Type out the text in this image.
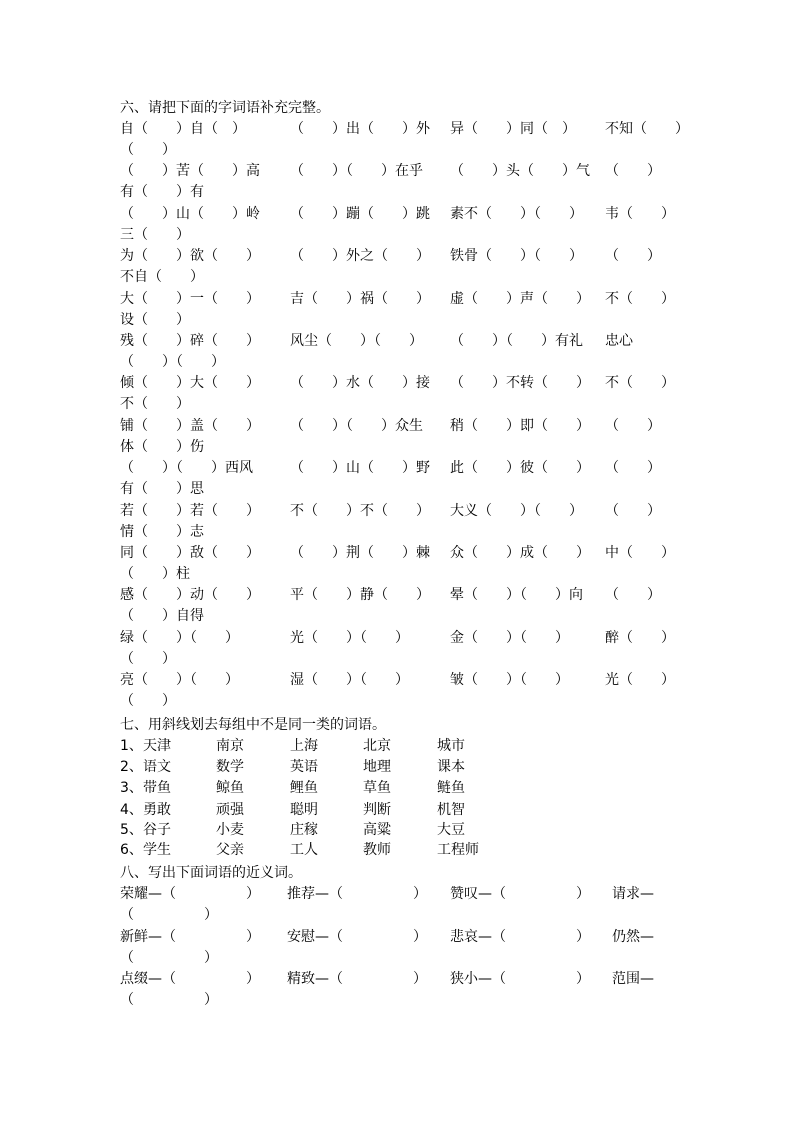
六、请把下面的字词语补充完整。
自（　　）自（　）	（　　）出（　　）外 异（　　）同（　） 不知（　　）
（　　）
（　　）苦（　　）高 （　　）（　　）在乎 （　　）头（　　）气 （　　）
有（　　）有
（　　）山（　　）岭 （　　）蹦（　　）跳 素不（　　）（　　） 韦（　　）
三（　　）
为（　　）欲（　　） （　　）外之（　　） 铁骨（　　）（　　） （　　）
不自（　　）
大（　　）一（　　） 吉（　　）祸（　　） 虚（　　）声（　　） 不（　　）
设（　　）
残（　　）碎（　　） 风尘（　　）（　　） （　　）（　　）有礼 忠心
（　　）（　　）
倾（　　）大（　　） （　　）水（　　）接 （　　）不转（　　） 不（　　）
不（　　）
铺（　　）盖（　　） （　　）（　　）众生 稍（　　）即（　　） （　　）
体（　　）伤
（　　）（　　）西风	（　　）山（　　）野 此（　　）彼（　　） （　　）
有（　　）思
若（　　）若（　　） 不（　　）不（　　） 大义（　　）（　　） （　　）
情（　　）志
同（　　）敌（　　） （　　）荆（　　）棘 众（　　）成（　　） 中（　　）
（　　）柱
感（　　）动（　　） 平（　　）静（　　） 晕（　　）（　　）向 （　　）
（　　）自得
绿（　　）（　　）	光（　　）（　　）	金（　　）（　　）	醉（　　）
（　　）
亮（　　）（　　）	湿（　　）（　　）	皱（　　）（　　）	光（　　）
（　　）
七、用斜线划去每组中不是同一类的词语。
1、 天津	南京	上海	北京	城市
2、 语文	数学	英语	地理	课本
3、 带鱼	鲸鱼	鲤鱼	草鱼	鲢鱼
4、 勇敢	顽强	聪明	判断	机智
5、 谷子	小麦	庄稼	高粱	大豆
6、 学生	父亲	工人	教师	工程师
八、写出下面词语的近义词。
荣耀—（　　　　　） 推荐—（　　　　　） 赞叹—（　　　　　） 请求—
（　　　　　）
新鲜—（　　　　　） 安慰—（　　　　　） 悲哀—（　　　　　） 仍然—
（　　　　　）
点缀—（　　　　　） 精致—（　　　　　） 狭小—（　　　　　） 范围—
（　　　　　）
